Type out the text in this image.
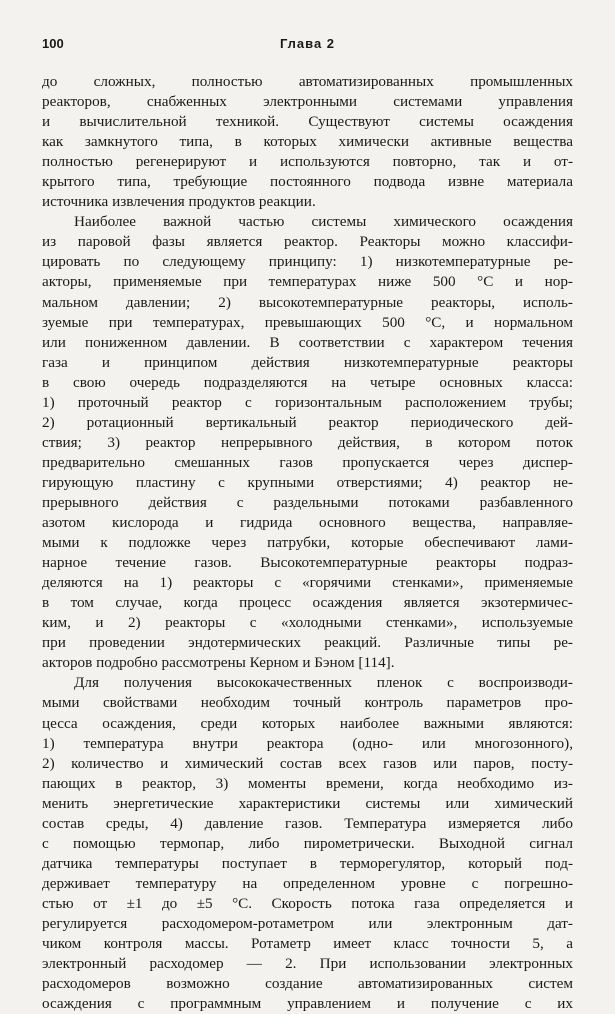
100	Глава 2
до сложных, полностью автоматизированных промышленных
реакторов, снабженных электронными системами управления
и вычислительной техникой. Существуют системы осаждения
как замкнутого типа, в которых химически активные вещества
полностью регенерируют и используются повторно, так и от-
крытого типа, требующие постоянного подвода извне материала
источника извлечения продуктов реакции.
Наиболее важной частью системы химического осаждения
из паровой фазы является реактор. Реакторы можно классифи-
цировать по следующему принципу: 1) низкотемпературные ре-
акторы, применяемые при температурах ниже 500 °С и нор-
мальном давлении; 2) высокотемпературные реакторы, исполь-
зуемые при температурах, превышающих 500 °С, и нормальном
или пониженном давлении. В соответствии с характером течения
газа и принципом действия низкотемпературные реакторы
в свою очередь подразделяются на четыре основных класса:
1) проточный реактор с горизонтальным расположением трубы;
2) ротационный вертикальный реактор периодического дей-
ствия; 3) реактор непрерывного действия, в котором поток
предварительно смешанных газов пропускается через диспер-
гирующую пластину с крупными отверстиями; 4) реактор не-
прерывного действия с раздельными потоками разбавленного
азотом кислорода и гидрида основного вещества, направляе-
мыми к подложке через патрубки, которые обеспечивают лами-
нарное течение газов. Высокотемпературные реакторы подраз-
деляются на 1) реакторы с «горячими стенками», применяемые
в том случае, когда процесс осаждения является экзотермичес-
ким, и 2) реакторы с «холодными стенками», используемые
при проведении эндотермических реакций. Различные типы ре-
акторов подробно рассмотрены Керном и Бэном [114].
Для получения высококачественных пленок с воспроизводи-
мыми свойствами необходим точный контроль параметров про-
цесса осаждения, среди которых наиболее важными являются:
1) температура внутри реактора (одно- или многозонного),
2) количество и химический состав всех газов или паров, посту-
пающих в реактор, 3) моменты времени, когда необходимо из-
менить энергетические характеристики системы или химический
состав среды, 4) давление газов. Температура измеряется либо
с помощью термопар, либо пирометрически. Выходной сигнал
датчика температуры поступает в терморегулятор, который под-
держивает температуру на определенном уровне с погрешно-
стью от ±1 до ±5 °С. Скорость потока газа определяется и
регулируется расходомером-ротаметром или электронным дат-
чиком контроля массы. Ротаметр имеет класс точности 5, а
электронный расходомер — 2. При использовании электронных
расходомеров возможно создание автоматизированных систем
осаждения с программным управлением и получение с их
